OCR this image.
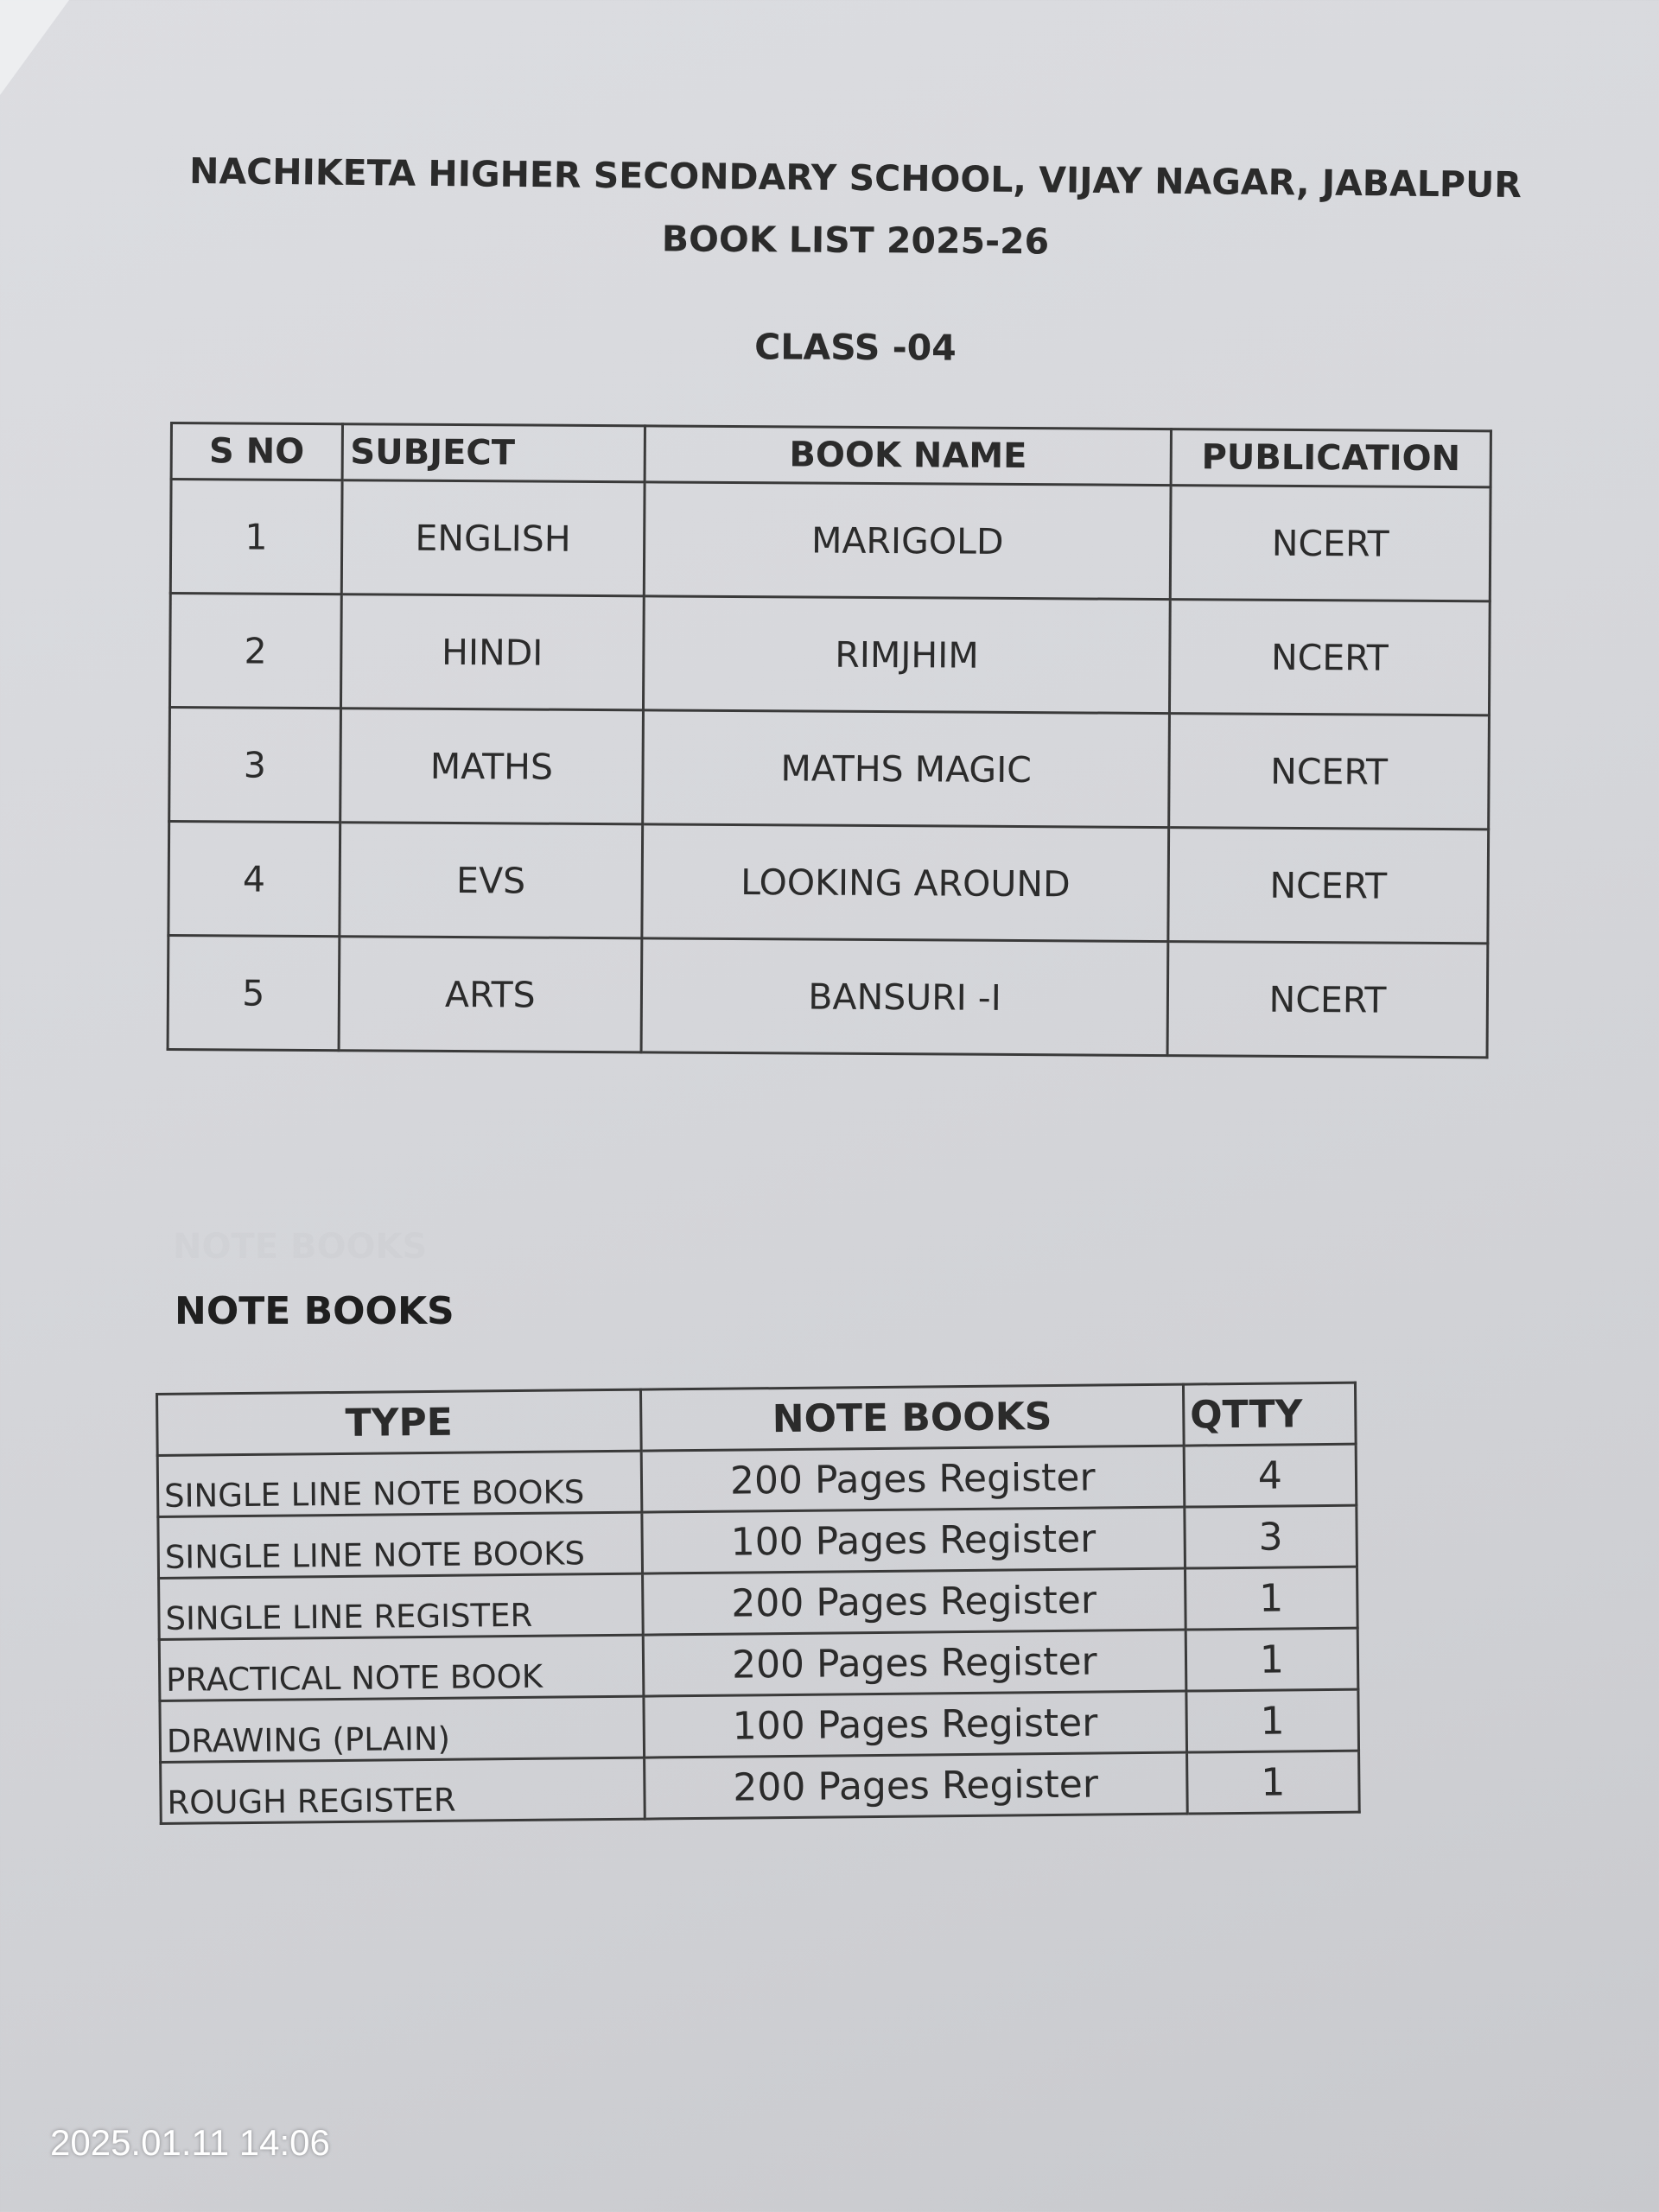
NACHIKETA HIGHER SECONDARY SCHOOL, VIJAY NAGAR, JABALPUR
BOOK LIST 2025-26
CLASS -04
S NO	SUBJECT	BOOK NAME	PUBLICATION
1	ENGLISH	MARIGOLD	NCERT
2	HINDI	RIMJHIM	NCERT
3	MATHS	MATHS MAGIC	NCERT
4	EVS	LOOKING AROUND	NCERT
5	ARTS	BANSURI -I	NCERT
NOTE BOOKS
NOTE BOOKS
TYPE	NOTE BOOKS	QTTY
SINGLE LINE NOTE BOOKS	200 Pages Register	4
SINGLE LINE NOTE BOOKS	100 Pages Register	3
SINGLE LINE REGISTER	200 Pages Register	1
PRACTICAL NOTE BOOK	200 Pages Register	1
DRAWING (PLAIN)	100 Pages Register	1
ROUGH REGISTER	200 Pages Register	1
2025.01.11 14:06
